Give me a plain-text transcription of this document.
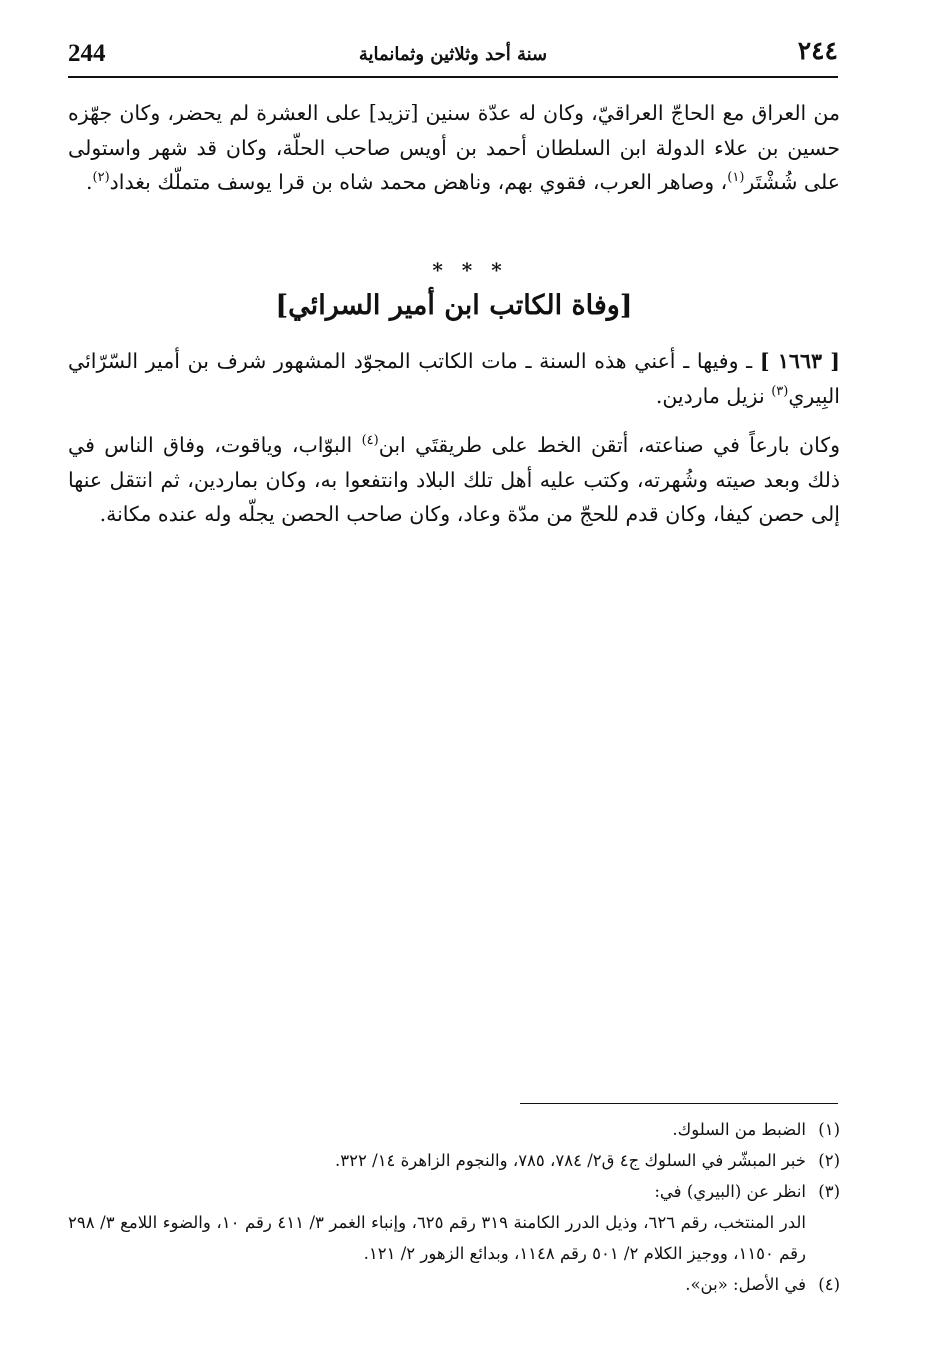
244	سنة أحد وثلاثين وثمانماية	٢٤٤
من العراق مع الحاجّ العراقيّ، وكان له عدّة سنين [تزيد] على العشرة لم يحضر، وكان جهّزه حسين بن علاء الدولة ابن السلطان أحمد بن أويس صاحب الحلّة، وكان قد شهر واستولى على شُشْتَر$^{(١)}$، وصاهر العرب، فقوي بهم، وناهض محمد شاه بن قرا يوسف متملّك بغداد$^{(٢)}$.
* * *
[وفاة الكاتب ابن أمير السرائي]
[ ١٦٦٣ ] ـ وفيها ـ أعني هذه السنة ـ مات الكاتب المجوّد المشهور شرف بن أمير السّرّائي البِيري$^{(٣)}$ نزيل ماردين.
وكان بارعاً في صناعته، أتقن الخط على طريقتَي ابن$^{(٤)}$ البوّاب، وياقوت، وفاق الناس في ذلك وبعد صيته وشُهرته، وكتب عليه أهل تلك البلاد وانتفعوا به، وكان بماردين، ثم انتقل عنها إلى حصن كيفا، وكان قدم للحجّ من مدّة وعاد، وكان صاحب الحصن يجلّه وله عنده مكانة.
(١)
الضبط من السلوك.
(٢)
خبر المبشّر في السلوك ج٤ ق٢/ ٧٨٤، ٧٨٥، والنجوم الزاهرة ١٤/ ٣٢٢.
(٣)
انظر عن (البيري) في:
الدر المنتخب، رقم ٦٢٦، وذيل الدرر الكامنة ٣١٩ رقم ٦٢٥، وإنباء الغمر ٣/ ٤١١ رقم ١٠، والضوء اللامع ٣/ ٢٩٨ رقم ١١٥٠، ووجيز الكلام ٢/ ٥٠١ رقم ١١٤٨، وبدائع الزهور ٢/ ١٢١.
(٤)
في الأصل: «بن».
